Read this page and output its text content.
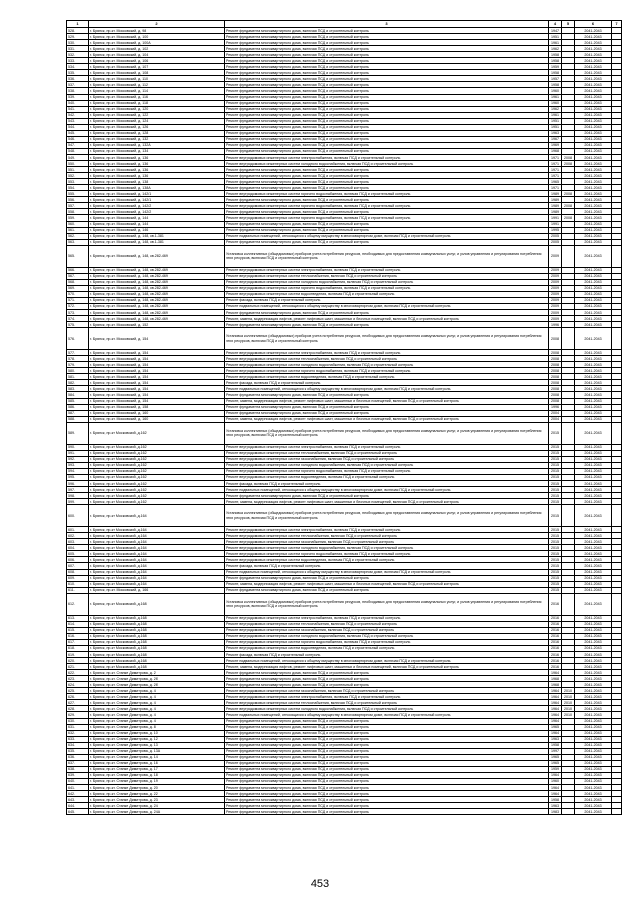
1	2	3	4	5	6	7
528.	г. Брянск, пр-кт. Московский, д. 98	Ремонт фундамента многоквартирного дома, включая ПСД и строительный контроль	1947		2041-2043	
529.	г. Брянск, пр-кт. Московский, д. 100	Ремонт фундамента многоквартирного дома, включая ПСД и строительный контроль	1951		2041-2043	
530.	г. Брянск, пр-кт. Московский, д. 100А	Ремонт фундамента многоквартирного дома, включая ПСД и строительный контроль	1961		2041-2043	
531.	г. Брянск, пр-кт. Московский, д. 102	Ремонт фундамента многоквартирного дома, включая ПСД и строительный контроль	1962		2041-2043	
532.	г. Брянск, пр-кт. Московский, д. 104	Ремонт фундамента многоквартирного дома, включая ПСД и строительный контроль	1958		2041-2043	
533.	г. Брянск, пр-кт. Московский, д. 106	Ремонт фундамента многоквартирного дома, включая ПСД и строительный контроль	1958		2041-2043	
534.	г. Брянск, пр-кт. Московский, д. 107	Ремонт фундамента многоквартирного дома, включая ПСД и строительный контроль	1959		2041-2043	
535.	г. Брянск, пр-кт. Московский, д. 108	Ремонт фундамента многоквартирного дома, включая ПСД и строительный контроль	1958		2041-2043	
536.	г. Брянск, пр-кт. Московский, д. 110	Ремонт фундамента многоквартирного дома, включая ПСД и строительный контроль	1957		2041-2043	
537.	г. Брянск, пр-кт. Московский, д. 112	Ремонт фундамента многоквартирного дома, включая ПСД и строительный контроль	1958		2041-2043	
538.	г. Брянск, пр-кт. Московский, д. 114	Ремонт фундамента многоквартирного дома, включая ПСД и строительный контроль	1960		2041-2043	
539.	г. Брянск, пр-кт. Московский, д. 116	Ремонт фундамента многоквартирного дома, включая ПСД и строительный контроль	1961		2041-2043	
540.	г. Брянск, пр-кт. Московский, д. 118	Ремонт фундамента многоквартирного дома, включая ПСД и строительный контроль	1960		2041-2043	
541.	г. Брянск, пр-кт. Московский, д. 120	Ремонт фундамента многоквартирного дома, включая ПСД и строительный контроль	1962		2041-2043	
542.	г. Брянск, пр-кт. Московский, д. 122	Ремонт фундамента многоквартирного дома, включая ПСД и строительный контроль	1961		2041-2043	
543.	г. Брянск, пр-кт. Московский, д. 124	Ремонт фундамента многоквартирного дома, включая ПСД и строительный контроль	1951		2041-2043	
544.	г. Брянск, пр-кт. Московский, д. 126	Ремонт фундамента многоквартирного дома, включая ПСД и строительный контроль	1951		2041-2043	
545.	г. Брянск, пр-кт. Московский, д. 128	Ремонт фундамента многоквартирного дома, включая ПСД и строительный контроль	1963		2041-2043	
546.	г. Брянск, пр-кт. Московский, д. 132	Ремонт фундамента многоквартирного дома, включая ПСД и строительный контроль	1967		2041-2043	
547.	г. Брянск, пр-кт. Московский, д. 132А	Ремонт фундамента многоквартирного дома, включая ПСД и строительный контроль	1969		2041-2043	
548.	г. Брянск, пр-кт. Московский, д. 134	Ремонт фундамента многоквартирного дома, включая ПСД и строительный контроль	1968		2041-2043	
549.	г. Брянск, пр-кт. Московский, д. 136	Ремонт внутридомовых инженерных систем электроснабжения, включая ПСД и строительный контроль	1971	2008	2041-2043	
550.	г. Брянск, пр-кт. Московский, д. 136	Ремонт внутридомовых инженерных систем холодного водоснабжения, включая ПСД и строительный контроль	1971	2008	2041-2043	
551.	г. Брянск, пр-кт. Московский, д. 136	Ремонт фундамента многоквартирного дома, включая ПСД и строительный контроль	1971		2041-2043	
552.	г. Брянск, пр-кт. Московский, д. 136	Ремонт фундамента многоквартирного дома, включая ПСД и строительный контроль	1971		2041-2043	
553.	г. Брянск, пр-кт. Московский, д. 138	Ремонт фундамента многоквартирного дома, включая ПСД и строительный контроль	1965		2041-2043	
554.	г. Брянск, пр-кт. Московский, д. 138А	Ремонт фундамента многоквартирного дома, включая ПСД и строительный контроль	1971		2041-2043	
555.	г. Брянск, пр-кт. Московский, д. 142/1	Ремонт внутридомовых инженерных систем горячего водоснабжения, включая ПСД и строительный контроль	1989	2008	2041-2043	
556.	г. Брянск, пр-кт. Московский, д. 142/1	Ремонт фундамента многоквартирного дома, включая ПСД и строительный контроль	1989		2041-2043	
557.	г. Брянск, пр-кт. Московский, д. 142/2	Ремонт внутридомовых инженерных систем горячего водоснабжения, включая ПСД и строительный контроль	1989	2008	2041-2043	
558.	г. Брянск, пр-кт. Московский, д. 142/2	Ремонт фундамента многоквартирного дома, включая ПСД и строительный контроль	1989		2041-2043	
559.	г. Брянск, пр-кт. Московский, д. 144	Ремонт внутридомовых инженерных систем горячего водоснабжения, включая ПСД и строительный контроль	1991	2008	2041-2043	
560.	г. Брянск, пр-кт. Московский, д. 144	Ремонт фундамента многоквартирного дома, включая ПСД и строительный контроль	1991		2041-2043	
561.	г. Брянск, пр-кт. Московский, д. 146	Ремонт фундамента многоквартирного дома, включая ПСД и строительный контроль	1995		2041-2043	
562.	г. Брянск, пр-кт. Московский, д. 148, кв.1-381	Ремонт подвальных помещений, относящихся к общему имуществу в многоквартирном доме, включая ПСД и строительный контроль	2005		2041-2043	
563.	г. Брянск, пр-кт. Московский, д. 148, кв.1-381	Ремонт фундамента многоквартирного дома, включая ПСД и строительный контроль	2005		2041-2043	
565.	г. Брянск, пр-кт. Московский, д. 148, кв.282-469	Установка коллективных (общедомовых) приборов учета потребления ресурсов, необходимых для предоставления коммунальных услуг, и узлов управления и регулирования потребления этих ресурсов, включая ПСД и строительный контроль	2009		2041-2043	
566.	г. Брянск, пр-кт. Московский, д. 148, кв.282-469	Ремонт внутридомовых инженерных систем электроснабжения, включая ПСД и строительный контроль	2009		2041-2043	
567.	г. Брянск, пр-кт. Московский, д. 148, кв.282-469	Ремонт внутридомовых инженерных систем теплоснабжения, включая ПСД и строительный контроль	2009		2041-2043	
568.	г. Брянск, пр-кт. Московский, д. 148, кв.282-469	Ремонт внутридомовых инженерных систем холодного водоснабжения, включая ПСД и строительный контроль	2009		2041-2043	
569.	г. Брянск, пр-кт. Московский, д. 148, кв.282-469	Ремонт внутридомовых инженерных систем горячего водоснабжения, включая ПСД и строительный контроль	2009		2041-2043	
570.	г. Брянск, пр-кт. Московский, д. 148, кв.282-469	Ремонт внутридомовых инженерных систем водоотведения, включая ПСД и строительный контроль	2009		2041-2043	
571.	г. Брянск, пр-кт. Московский, д. 148, кв.282-469	Ремонт фасада, включая ПСД и строительный контроль	2009		2041-2043	
572.	г. Брянск, пр-кт. Московский, д. 148, кв.282-469	Ремонт подвальных помещений, относящихся к общему имуществу в многоквартирном доме, включая ПСД и строительный контроль	2009		2041-2043	
573.	г. Брянск, пр-кт. Московский, д. 148, кв.282-469	Ремонт фундамента многоквартирного дома, включая ПСД и строительный контроль	2009		2041-2043	
574.	г. Брянск, пр-кт. Московский, д. 148, кв.282-469	Ремонт, замена, модернизация лифтов, ремонт лифтовых шахт, машинных и блочных помещений, включая ПСД и строительный контроль	2009		2041-2043	
575.	г. Брянск, пр-кт. Московский, д. 152	Ремонт фундамента многоквартирного дома, включая ПСД и строительный контроль	1996		2041-2043	
576.	г. Брянск, пр-кт. Московский, д. 154	Установка коллективных (общедомовых) приборов учета потребления ресурсов, необходимых для предоставления коммунальных услуг, и узлов управления и регулирования потребления этих ресурсов, включая ПСД и строительный контроль	2008		2041-2043	
577.	г. Брянск, пр-кт. Московский, д. 154	Ремонт внутридомовых инженерных систем электроснабжения, включая ПСД и строительный контроль	2008		2041-2043	
578.	г. Брянск, пр-кт. Московский, д. 154	Ремонт внутридомовых инженерных систем теплоснабжения, включая ПСД и строительный контроль	2008		2041-2043	
579.	г. Брянск, пр-кт. Московский, д. 154	Ремонт внутридомовых инженерных систем холодного водоснабжения, включая ПСД и строительный контроль	2008		2041-2043	
580.	г. Брянск, пр-кт. Московский, д. 154	Ремонт внутридомовых инженерных систем горячего водоснабжения, включая ПСД и строительный контроль	2008		2041-2043	
581.	г. Брянск, пр-кт. Московский, д. 154	Ремонт внутридомовых инженерных систем водоотведения, включая ПСД и строительный контроль	2008		2041-2043	
582.	г. Брянск, пр-кт. Московский, д. 154	Ремонт фасада, включая ПСД и строительный контроль	2008		2041-2043	
583.	г. Брянск, пр-кт. Московский, д. 154	Ремонт подвальных помещений, относящихся к общему имуществу в многоквартирном доме, включая ПСД и строительный контроль	2008		2041-2043	
584.	г. Брянск, пр-кт. Московский, д. 154	Ремонт фундамента многоквартирного дома, включая ПСД и строительный контроль	2008		2041-2043	
585.	г. Брянск, пр-кт. Московский, д. 154	Ремонт, замена, модернизация лифтов, ремонт лифтовых шахт, машинных и блочных помещений, включая ПСД и строительный контроль	2008		2041-2043	
586.	г. Брянск, пр-кт. Московский, д. 158	Ремонт фундамента многоквартирного дома, включая ПСД и строительный контроль	1996		2041-2043	
587.	г. Брянск, пр-кт. Московский, д. 160	Ремонт фундамента многоквартирного дома, включая ПСД и строительный контроль	2004		2041-2043	
588.	г. Брянск, пр-кт. Московский, д. 160	Ремонт, замена, модернизация лифтов, ремонт лифтовых шахт, машинных и блочных помещений, включая ПСД и строительный контроль	2004		2041-2043	
589.	г. Брянск, пр-кт Московский, д.162	Установка коллективных (общедомовых) приборов учета потребления ресурсов, необходимых для предоставления коммунальных услуг, и узлов управления и регулирования потребления этих ресурсов, включая ПСД и строительный контроль	2015		2041-2043	
590.	г. Брянск, пр-кт Московский, д.162	Ремонт внутридомовых инженерных систем электроснабжения, включая ПСД и строительный контроль	2015		2041-2043	
591.	г. Брянск, пр-кт Московский, д.162	Ремонт внутридомовых инженерных систем теплоснабжения, включая ПСД и строительный контроль	2015		2041-2043	
592.	г. Брянск, пр-кт Московский, д.162	Ремонт внутридомовых инженерных систем газоснабжения, включая ПСД и строительный контроль	2015		2041-2043	
593.	г. Брянск, пр-кт Московский, д.162	Ремонт внутридомовых инженерных систем холодного водоснабжения, включая ПСД и строительный контроль	2015		2041-2043	
594.	г. Брянск, пр-кт Московский, д.162	Ремонт внутридомовых инженерных систем горячего водоснабжения, включая ПСД и строительный контроль	2015		2041-2043	
595.	г. Брянск, пр-кт Московский, д.162	Ремонт внутридомовых инженерных систем водоотведения, включая ПСД и строительный контроль	2015		2041-2043	
596.	г. Брянск, пр-кт Московский, д.162	Ремонт фасада, включая ПСД и строительный контроль	2015		2041-2043	
597.	г. Брянск, пр-кт Московский, д.162	Ремонт подвальных помещений, относящихся к общему имуществу в многоквартирном доме, включая ПСД и строительный контроль	2015		2041-2043	
598.	г. Брянск, пр-кт Московский, д.162	Ремонт фундамента многоквартирного дома, включая ПСД и строительный контроль	2015		2041-2043	
599.	г. Брянск, пр-кт Московский, д.162	Ремонт, замена, модернизация лифтов, ремонт лифтовых шахт, машинных и блочных помещений, включая ПСД и строительный контроль	2015		2041-2043	
600.	г. Брянск, пр-кт Московский, д.164	Установка коллективных (общедомовых) приборов учета потребления ресурсов, необходимых для предоставления коммунальных услуг, и узлов управления и регулирования потребления этих ресурсов, включая ПСД и строительный контроль	2015		2041-2043	
601.	г. Брянск, пр-кт Московский, д.164	Ремонт внутридомовых инженерных систем электроснабжения, включая ПСД и строительный контроль	2015		2041-2043	
602.	г. Брянск, пр-кт Московский, д.164	Ремонт внутридомовых инженерных систем теплоснабжения, включая ПСД и строительный контроль	2015		2041-2043	
603.	г. Брянск, пр-кт Московский, д.164	Ремонт внутридомовых инженерных систем газоснабжения, включая ПСД и строительный контроль	2015		2041-2043	
604.	г. Брянск, пр-кт Московский, д.164	Ремонт внутридомовых инженерных систем холодного водоснабжения, включая ПСД и строительный контроль	2015		2041-2043	
605.	г. Брянск, пр-кт Московский, д.164	Ремонт внутридомовых инженерных систем горячего водоснабжения, включая ПСД и строительный контроль	2015		2041-2043	
606.	г. Брянск, пр-кт Московский, д.164	Ремонт внутридомовых инженерных систем водоотведения, включая ПСД и строительный контроль	2015		2041-2043	
607.	г. Брянск, пр-кт Московский, д.164	Ремонт фасада, включая ПСД и строительный контроль	2015		2041-2043	
608.	г. Брянск, пр-кт Московский, д.164	Ремонт подвальных помещений, относящихся к общему имуществу в многоквартирном доме, включая ПСД и строительный контроль	2015		2041-2043	
609.	г. Брянск, пр-кт Московский, д.164	Ремонт фундамента многоквартирного дома, включая ПСД и строительный контроль	2015		2041-2043	
610.	г. Брянск, пр-кт Московский, д.164	Ремонт, замена, модернизация лифтов, ремонт лифтовых шахт, машинных и блочных помещений, включая ПСД и строительный контроль	2015		2041-2043	
611.	г. Брянск, пр-кт. Московский, д. 166	Ремонт фундамента многоквартирного дома, включая ПСД и строительный контроль	2015		2041-2043	
612.	г. Брянск, пр-кт Московский, д.168	Установка коллективных (общедомовых) приборов учета потребления ресурсов, необходимых для предоставления коммунальных услуг, и узлов управления и регулирования потребления этих ресурсов, включая ПСД и строительный контроль	2016		2041-2043	
613.	г. Брянск, пр-кт Московский, д.168	Ремонт внутридомовых инженерных систем электроснабжения, включая ПСД и строительный контроль	2016		2041-2043	
614.	г. Брянск, пр-кт Московский, д.168	Ремонт внутридомовых инженерных систем теплоснабжения, включая ПСД и строительный контроль	2016		2041-2043	
615.	г. Брянск, пр-кт Московский, д.168	Ремонт внутридомовых инженерных систем газоснабжения, включая ПСД и строительный контроль	2016		2041-2043	
616.	г. Брянск, пр-кт Московский, д.168	Ремонт внутридомовых инженерных систем холодного водоснабжения, включая ПСД и строительный контроль	2016		2041-2043	
617.	г. Брянск, пр-кт Московский, д.168	Ремонт внутридомовых инженерных систем горячего водоснабжения, включая ПСД и строительный контроль	2016		2041-2043	
618.	г. Брянск, пр-кт Московский, д.168	Ремонт внутридомовых инженерных систем водоотведения, включая ПСД и строительный контроль	2016		2041-2043	
619.	г. Брянск, пр-кт Московский, д.168	Ремонт фасада, включая ПСД и строительный контроль	2016		2041-2043	
620.	г. Брянск, пр-кт Московский, д.168	Ремонт подвальных помещений, относящихся к общему имуществу в многоквартирном доме, включая ПСД и строительный контроль	2016		2041-2043	
621.	г. Брянск, пр-кт Московский, д.168	Ремонт, замена, модернизация лифтов, ремонт лифтовых шахт, машинных и блочных помещений, включая ПСД и строительный контроль	2016		2041-2043	
622.	г. Брянск, пр-кт. Станке Димитрова, д. 2	Ремонт фундамента многоквартирного дома, включая ПСД и строительный контроль	1964		2041-2043	
623.	г. Брянск, пр-кт. Станке Димитрова, д. 2б	Ремонт фундамента многоквартирного дома, включая ПСД и строительный контроль	1968		2041-2043	
624.	г. Брянск, пр-кт. Станке Димитрова, д. 2б	Ремонт фундамента многоквартирного дома, включая ПСД и строительный контроль	1968		2041-2043	
625.	г. Брянск, пр-кт. Станке Димитрова, д. 4	Ремонт внутридомовых инженерных систем газоснабжения, включая ПСД и строительный контроль	1964	2010	2041-2043	
626.	г. Брянск, пр-кт. Станке Димитрова, д. 4	Ремонт внутридомовых инженерных систем электроснабжения, включая ПСД и строительный контроль	1964	2010	2041-2043	
627.	г. Брянск, пр-кт. Станке Димитрова, д. 4	Ремонт внутридомовых инженерных систем теплоснабжения, включая ПСД и строительный контроль	1964	2010	2041-2043	
628.	г. Брянск, пр-кт. Станке Димитрова, д. 4	Ремонт внутридомовых инженерных систем холодного водоснабжения, включая ПСД и строительный контроль	1964	2010	2041-2043	
629.	г. Брянск, пр-кт. Станке Димитрова, д. 4	Ремонт подвальных помещений, относящихся к общему имуществу в многоквартирном доме, включая ПСД и строительный контроль	1964	2010	2041-2043	
630.	г. Брянск, пр-кт. Станке Димитрова, д. 4	Ремонт фундамента многоквартирного дома, включая ПСД и строительный контроль	1964		2041-2043	
631.	г. Брянск, пр-кт. Станке Димитрова, д. 8	Ремонт фундамента многоквартирного дома, включая ПСД и строительный контроль	1965		2041-2043	
632.	г. Брянск, пр-кт. Станке Димитрова, д. 10	Ремонт фундамента многоквартирного дома, включая ПСД и строительный контроль	1964		2041-2043	
633.	г. Брянск, пр-кт. Станке Димитрова, д. 12	Ремонт фундамента многоквартирного дома, включая ПСД и строительный контроль	1963		2041-2043	
634.	г. Брянск, пр-кт. Станке Димитрова, д. 13	Ремонт фундамента многоквартирного дома, включая ПСД и строительный контроль	1958		2041-2043	
635.	г. Брянск, пр-кт. Станке Димитрова, д. 13А	Ремонт фундамента многоквартирного дома, включая ПСД и строительный контроль	1997		2041-2043	
636.	г. Брянск, пр-кт. Станке Димитрова, д. 14	Ремонт фундамента многоквартирного дома, включая ПСД и строительный контроль	1965		2041-2043	
637.	г. Брянск, пр-кт. Станке Димитрова, д. 16	Ремонт фундамента многоквартирного дома, включая ПСД и строительный контроль	1965		2041-2043	
638.	г. Брянск, пр-кт. Станке Димитрова, д. 17	Ремонт фундамента многоквартирного дома, включая ПСД и строительный контроль	1959		2041-2043	
639.	г. Брянск, пр-кт. Станке Димитрова, д. 18	Ремонт фундамента многоквартирного дома, включая ПСД и строительный контроль	1964		2041-2043	
640.	г. Брянск, пр-кт. Станке Димитрова, д. 19	Ремонт фундамента многоквартирного дома, включая ПСД и строительный контроль	1960		2041-2043	
641.	г. Брянск, пр-кт. Станке Димитрова, д. 20	Ремонт фундамента многоквартирного дома, включая ПСД и строительный контроль	1964		2041-2043	
642.	г. Брянск, пр-кт. Станке Димитрова, д. 22	Ремонт фундамента многоквартирного дома, включая ПСД и строительный контроль	1964		2041-2043	
643.	г. Брянск, пр-кт. Станке Димитрова, д. 23	Ремонт фундамента многоквартирного дома, включая ПСД и строительный контроль	1958		2041-2043	
644.	г. Брянск, пр-кт. Станке Димитрова, д. 24	Ремонт фундамента многоквартирного дома, включая ПСД и строительный контроль	1963		2041-2043	
645.	г. Брянск, пр-кт. Станке Димитрова, д. 24А	Ремонт фундамента многоквартирного дома, включая ПСД и строительный контроль	1983		2041-2043	
453
